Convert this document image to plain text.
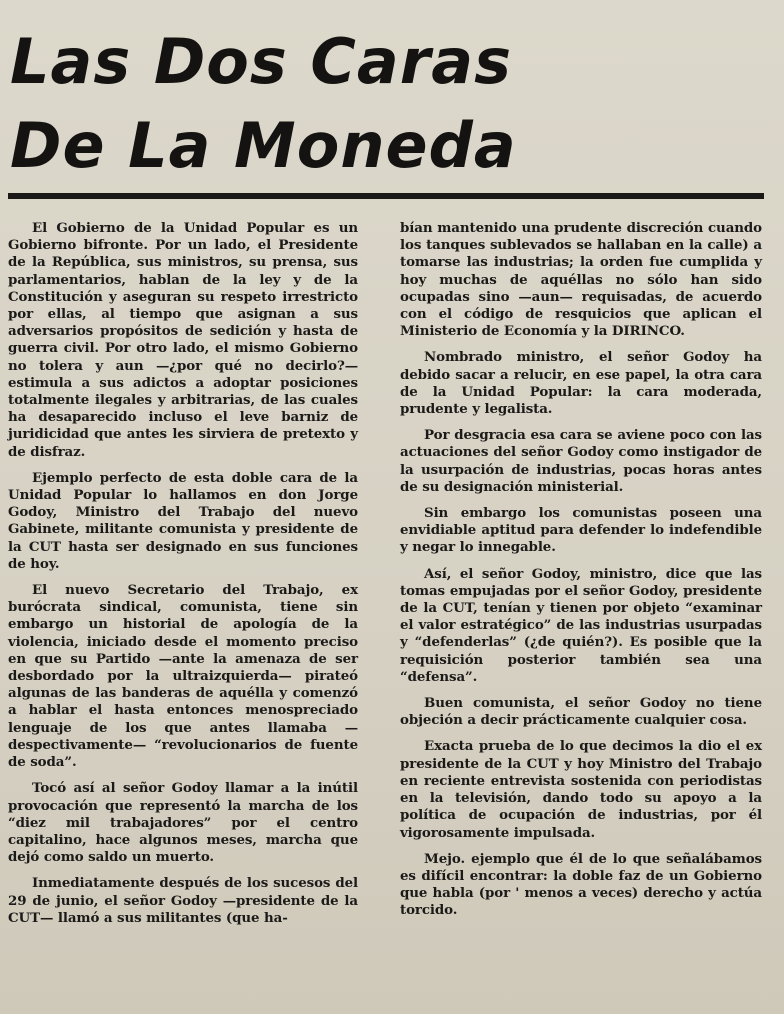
Las Dos Caras
De La Moneda

El Gobierno de la Unidad Popular es un Gobierno bifronte. Por un lado, el Presidente de la República, sus ministros, su prensa, sus parlamentarios, hablan de la ley y de la Constitución y aseguran su respeto irrestricto por ellas, al tiempo que asignan a sus adversarios propósitos de sedición y hasta de guerra civil. Por otro lado, el mismo Gobierno no tolera y aun —¿por qué no decirlo?— estimula a sus adictos a adoptar posiciones totalmente ilegales y arbitrarias, de las cuales ha desaparecido incluso el leve barniz de juridicidad que antes les sirviera de pretexto y de disfraz.

Ejemplo perfecto de esta doble cara de la Unidad Popular lo hallamos en don Jorge Godoy, Ministro del Trabajo del nuevo Gabinete, militante comunista y presidente de la CUT hasta ser designado en sus funciones de hoy.

El nuevo Secretario del Trabajo, ex burócrata sindical, comunista, tiene sin embargo un historial de apología de la violencia, iniciado desde el momento preciso en que su Partido —ante la amenaza de ser desbordado por la ultraizquierda— pirateó algunas de las banderas de aquélla y comenzó a hablar el hasta entonces menospreciado lenguaje de los que antes llamaba —despectivamente— “revolucionarios de fuente de soda”.

Tocó así al señor Godoy llamar a la inútil provocación que representó la marcha de los “diez mil trabajadores” por el centro capitalino, hace algunos meses, marcha que dejó como saldo un muerto.

Inmediatamente después de los sucesos del 29 de junio, el señor Godoy —presidente de la CUT— llamó a sus militantes (que ha-

bían mantenido una prudente discreción cuando los tanques sublevados se hallaban en la calle) a tomarse las industrias; la orden fue cumplida y hoy muchas de aquéllas no sólo han sido ocupadas sino —aun— requisadas, de acuerdo con el código de resquicios que aplican el Ministerio de Economía y la DIRINCO.

Nombrado ministro, el señor Godoy ha debido sacar a relucir, en ese papel, la otra cara de la Unidad Popular: la cara moderada, prudente y legalista.

Por desgracia esa cara se aviene poco con las actuaciones del señor Godoy como instigador de la usurpación de industrias, pocas horas antes de su designación ministerial.

Sin embargo los comunistas poseen una envidiable aptitud para defender lo indefendible y negar lo innegable.

Así, el señor Godoy, ministro, dice que las tomas empujadas por el señor Godoy, presidente de la CUT, tenían y tienen por objeto “examinar el valor estratégico” de las industrias usurpadas y “defenderlas” (¿de quién?). Es posible que la requisición posterior también sea una “defensa”.

Buen comunista, el señor Godoy no tiene objeción a decir prácticamente cualquier cosa.

Exacta prueba de lo que decimos la dio el ex presidente de la CUT y hoy Ministro del Trabajo en reciente entrevista sostenida con periodistas en la televisión, dando todo su apoyo a la política de ocupación de industrias, por él vigorosamente impulsada.

Mejo. ejemplo que él de lo que señalábamos es difícil encontrar: la doble faz de un Gobierno que habla (por ' menos a veces) derecho y actúa torcido.
